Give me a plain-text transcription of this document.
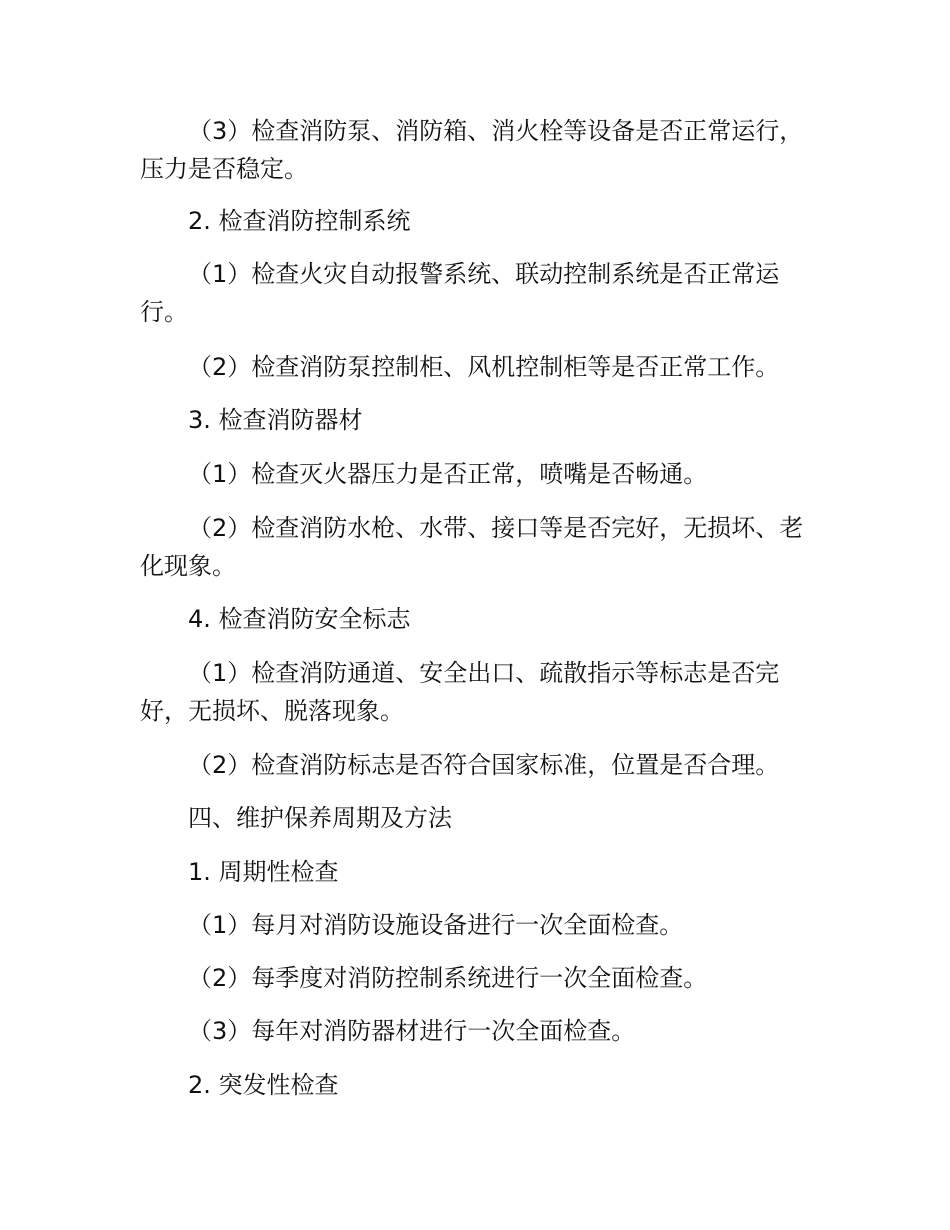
（3）检查消防泵、消防箱、消火栓等设备是否正常运行，压力是否稳定。

2. 检查消防控制系统

（1）检查火灾自动报警系统、联动控制系统是否正常运行。

（2）检查消防泵控制柜、风机控制柜等是否正常工作。

3. 检查消防器材

（1）检查灭火器压力是否正常，喷嘴是否畅通。

（2）检查消防水枪、水带、接口等是否完好，无损坏、老化现象。

4. 检查消防安全标志

（1）检查消防通道、安全出口、疏散指示等标志是否完好，无损坏、脱落现象。

（2）检查消防标志是否符合国家标准，位置是否合理。

四、维护保养周期及方法

1. 周期性检查

（1）每月对消防设施设备进行一次全面检查。

（2）每季度对消防控制系统进行一次全面检查。

（3）每年对消防器材进行一次全面检查。

2. 突发性检查
